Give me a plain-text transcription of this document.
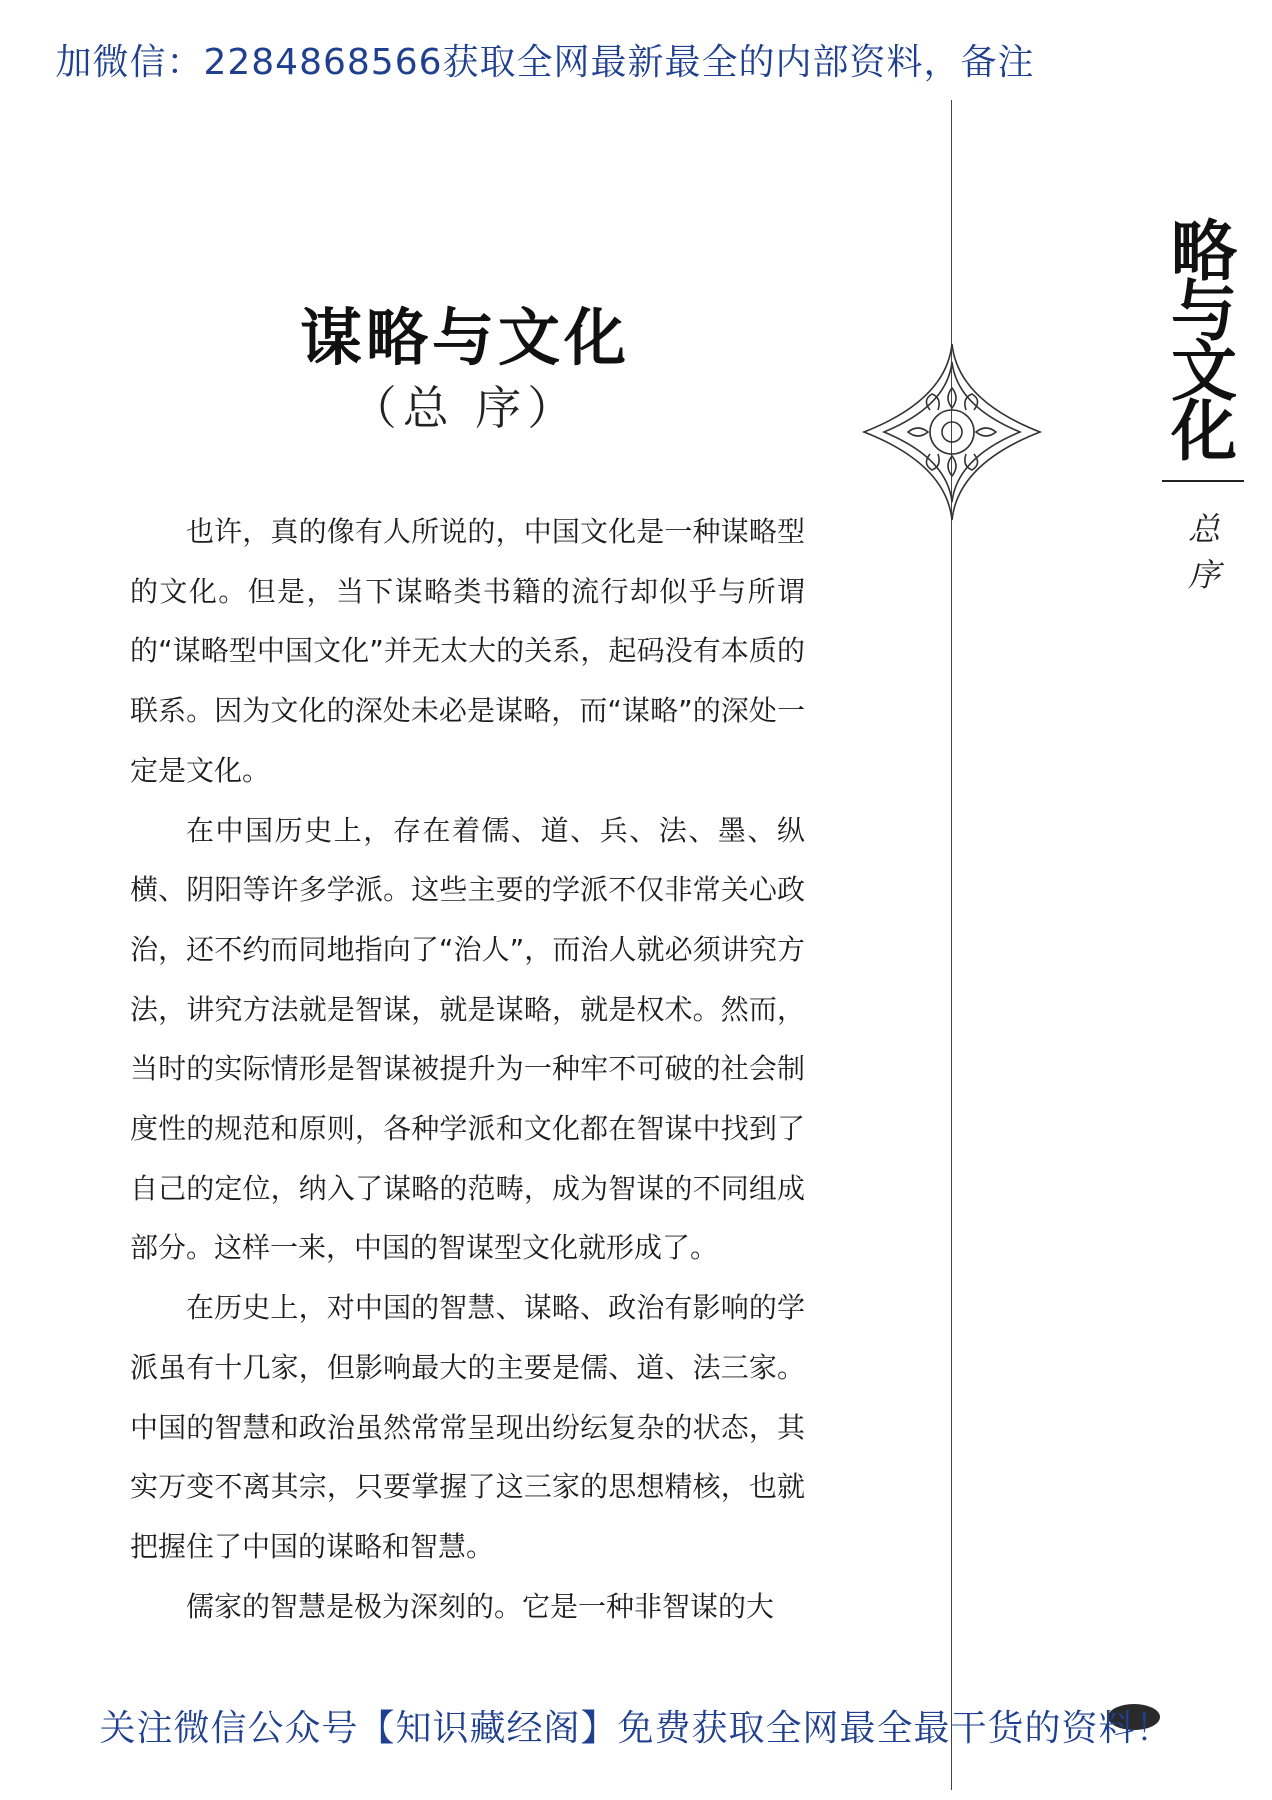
加微信：2284868566获取全网最新最全的内部资料，备注
略
与
文
化
总
序
谋略与文化
（总 序）

也许，真的像有人所说的，中国文化是一种谋略型的文化。但是，当下谋略类书籍的流行却似乎与所谓的“谋略型中国文化”并无太大的关系，起码没有本质的联系。因为文化的深处未必是谋略，而“谋略”的深处一定是文化。

在中国历史上，存在着儒、道、兵、法、墨、纵横、阴阳等许多学派。这些主要的学派不仅非常关心政治，还不约而同地指向了“治人”，而治人就必须讲究方法，讲究方法就是智谋，就是谋略，就是权术。然而，当时的实际情形是智谋被提升为一种牢不可破的社会制度性的规范和原则，各种学派和文化都在智谋中找到了自己的定位，纳入了谋略的范畴，成为智谋的不同组成部分。这样一来，中国的智谋型文化就形成了。

在历史上，对中国的智慧、谋略、政治有影响的学派虽有十几家，但影响最大的主要是儒、道、法三家。中国的智慧和政治虽然常常呈现出纷纭复杂的状态，其实万变不离其宗，只要掌握了这三家的思想精核，也就把握住了中国的谋略和智慧。

儒家的智慧是极为深刻的。它是一种非智谋的大

关注微信公众号【知识藏经阁】免费获取全网最全最干货的资料！
